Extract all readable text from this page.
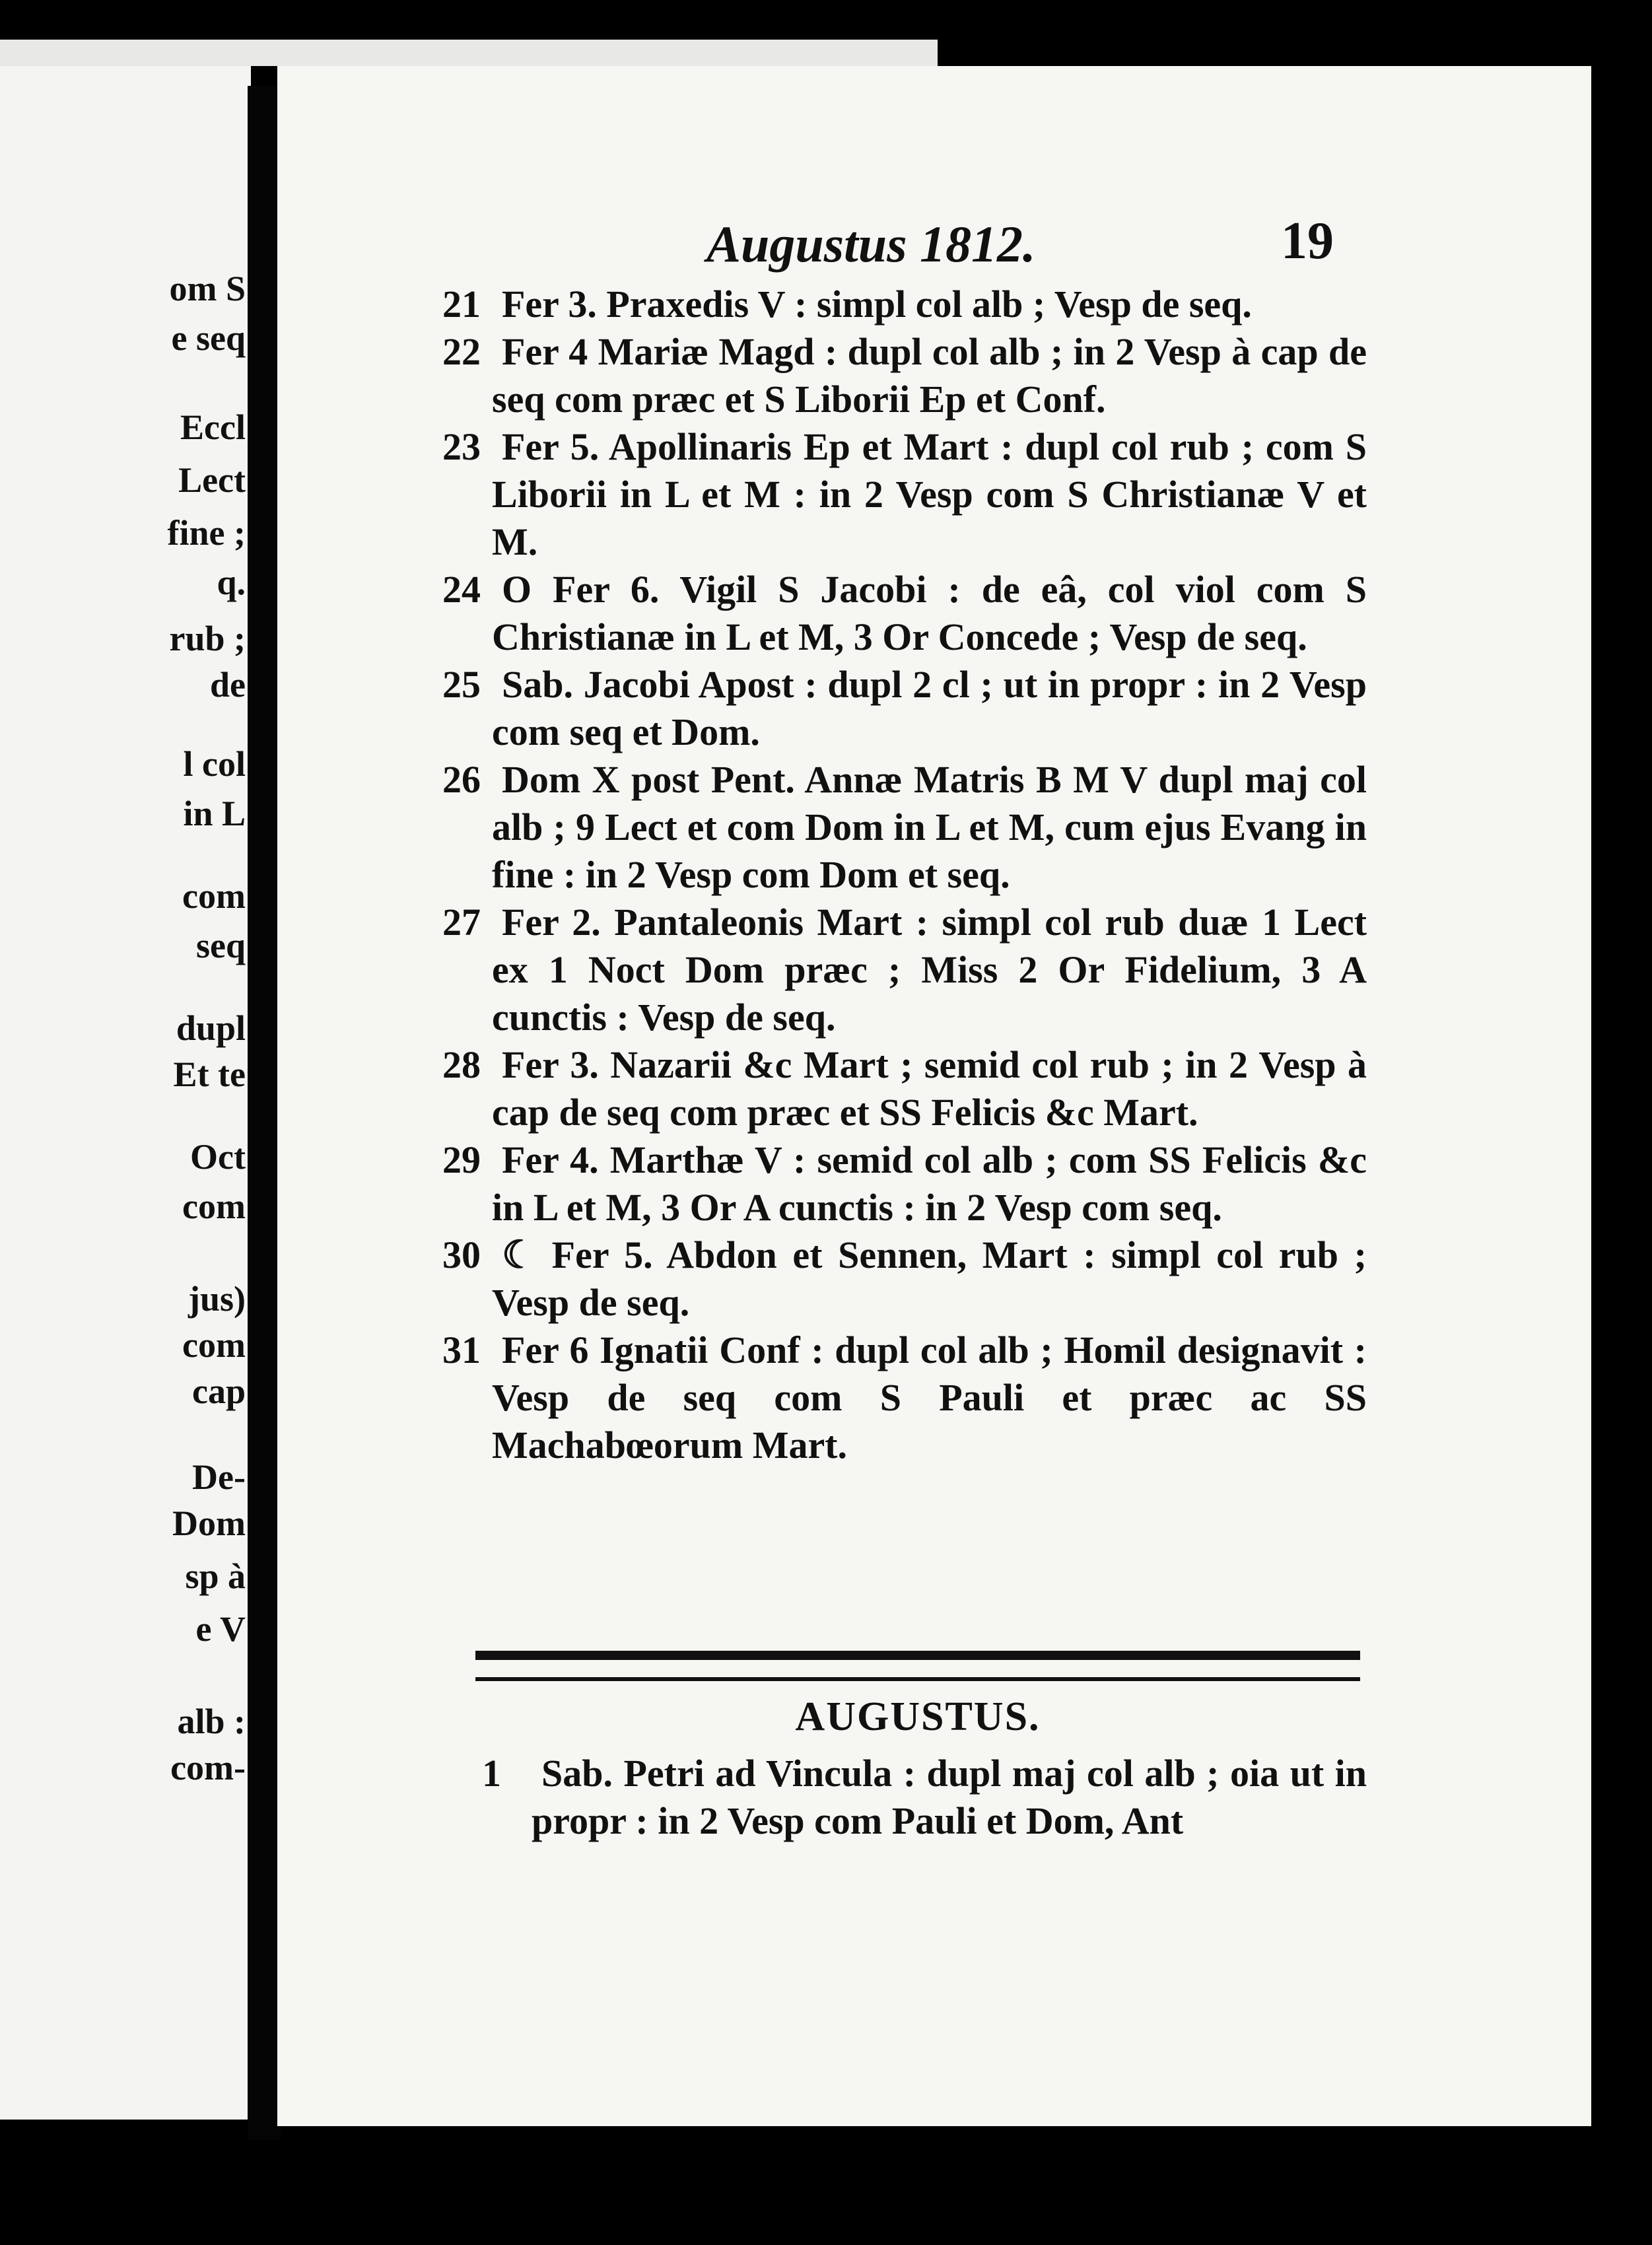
om S
e seq
Eccl
Lect
fine ;
q.
rub ;
de
l col
in L
com
seq
dupl
Et te
Oct
com
jus)
com
cap
De-
Dom
sp à
e V
alb :
com-
Augustus 1812.	19
21 Fer 3. Praxedis V : simpl col alb ; Vesp de seq.
22 Fer 4 Mariæ Magd : dupl col alb ; in 2 Vesp à cap de seq com præc et S Liborii Ep et Conf.
23 Fer 5. Apollinaris Ep et Mart : dupl col rub ; com S Liborii in L et M : in 2 Vesp com S Christianæ V et M.
24 O Fer 6. Vigil S Jacobi : de eâ, col viol com S Christianæ in L et M, 3 Or Concede ; Vesp de seq.
25 Sab. Jacobi Apost : dupl 2 cl ; ut in propr : in 2 Vesp com seq et Dom.
26 Dom X post Pent. Annæ Matris B M V dupl maj col alb ; 9 Lect et com Dom in L et M, cum ejus Evang in fine : in 2 Vesp com Dom et seq.
27 Fer 2. Pantaleonis Mart : simpl col rub duæ 1 Lect ex 1 Noct Dom præc ; Miss 2 Or Fidelium, 3 A cunctis : Vesp de seq.
28 Fer 3. Nazarii &c Mart ; semid col rub ; in 2 Vesp à cap de seq com præc et SS Felicis &c Mart.
29 Fer 4. Marthæ V : semid col alb ; com SS Felicis &c in L et M, 3 Or A cunctis : in 2 Vesp com seq.
30 ☾ Fer 5. Abdon et Sennen, Mart : simpl col rub ; Vesp de seq.
31 Fer 6 Ignatii Conf : dupl col alb ; Homil designavit : Vesp de seq com S Pauli et præc ac SS Machabœorum Mart.
AUGUSTUS.
1 Sab. Petri ad Vincula : dupl maj col alb ; oia ut in propr : in 2 Vesp com Pauli et Dom, Ant
